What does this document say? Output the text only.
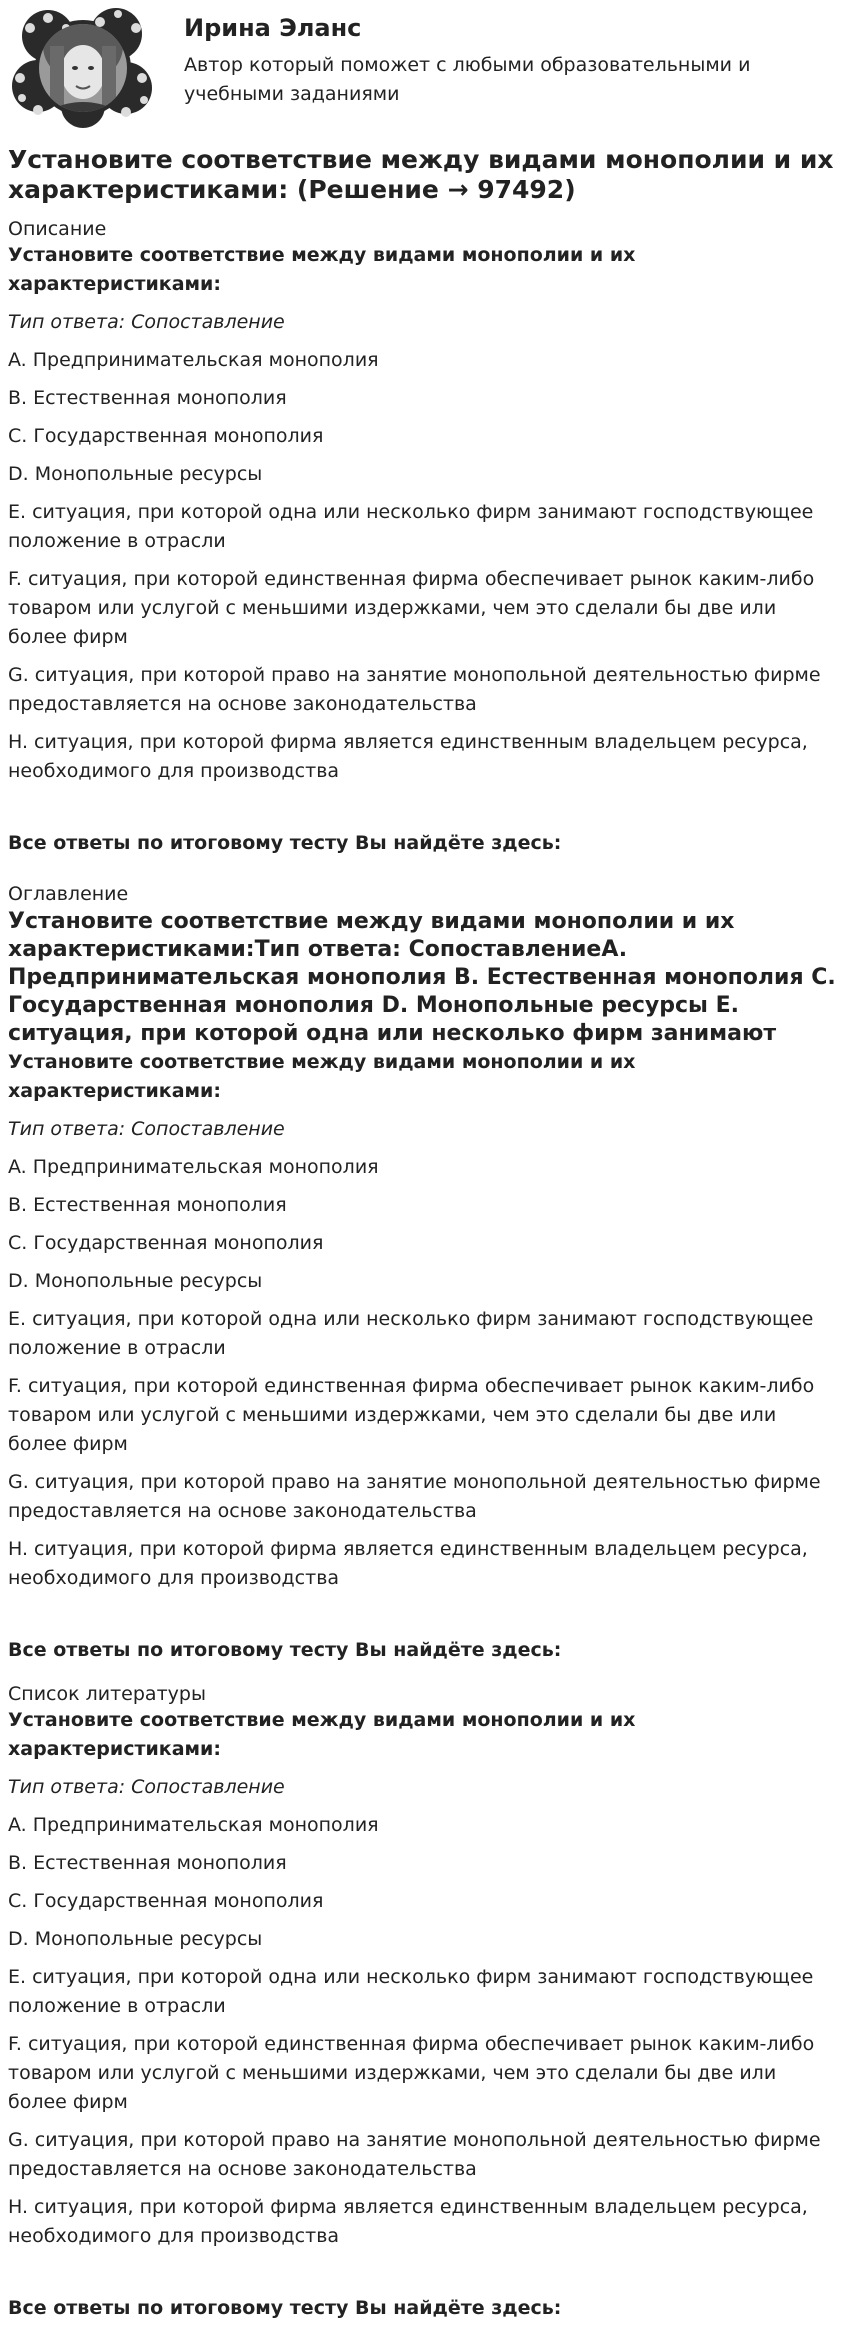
Ирина Эланс
Автор который поможет с любыми образовательными и учебными заданиями
Установите соответствие между видами монополии и их характеристиками: (Решение → 97492)
Описание
Установите соответствие между видами монополии и их характеристиками:
Тип ответа: Сопоставление
A. Предпринимательская монополия
B. Естественная монополия
C. Государственная монополия
D. Монопольные ресурсы
E. ситуация, при которой одна или несколько фирм занимают господствующее положение в отрасли
F. ситуация, при которой единственная фирма обеспечивает рынок каким-либо товаром или услугой с меньшими издержками, чем это сделали бы две или более фирм
G. ситуация, при которой право на занятие монопольной деятельностью фирме предоставляется на основе законодательства
H. ситуация, при которой фирма является единственным владельцем ресурса, необходимого для производства
Все ответы по итоговому тесту Вы найдёте здесь:
Оглавление
Установите соответствие между видами монополии и их характеристиками:Тип ответа: СопоставлениеA. Предпринимательская монополия B. Естественная монополия C. Государственная монополия D. Монопольные ресурсы E. ситуация, при которой одна или несколько фирм занимают
Установите соответствие между видами монополии и их характеристиками:
Тип ответа: Сопоставление
A. Предпринимательская монополия
B. Естественная монополия
C. Государственная монополия
D. Монопольные ресурсы
E. ситуация, при которой одна или несколько фирм занимают господствующее положение в отрасли
F. ситуация, при которой единственная фирма обеспечивает рынок каким-либо товаром или услугой с меньшими издержками, чем это сделали бы две или более фирм
G. ситуация, при которой право на занятие монопольной деятельностью фирме предоставляется на основе законодательства
H. ситуация, при которой фирма является единственным владельцем ресурса, необходимого для производства
Все ответы по итоговому тесту Вы найдёте здесь:
Список литературы
Установите соответствие между видами монополии и их характеристиками:
Тип ответа: Сопоставление
A. Предпринимательская монополия
B. Естественная монополия
C. Государственная монополия
D. Монопольные ресурсы
E. ситуация, при которой одна или несколько фирм занимают господствующее положение в отрасли
F. ситуация, при которой единственная фирма обеспечивает рынок каким-либо товаром или услугой с меньшими издержками, чем это сделали бы две или более фирм
G. ситуация, при которой право на занятие монопольной деятельностью фирме предоставляется на основе законодательства
H. ситуация, при которой фирма является единственным владельцем ресурса, необходимого для производства
Все ответы по итоговому тесту Вы найдёте здесь:
